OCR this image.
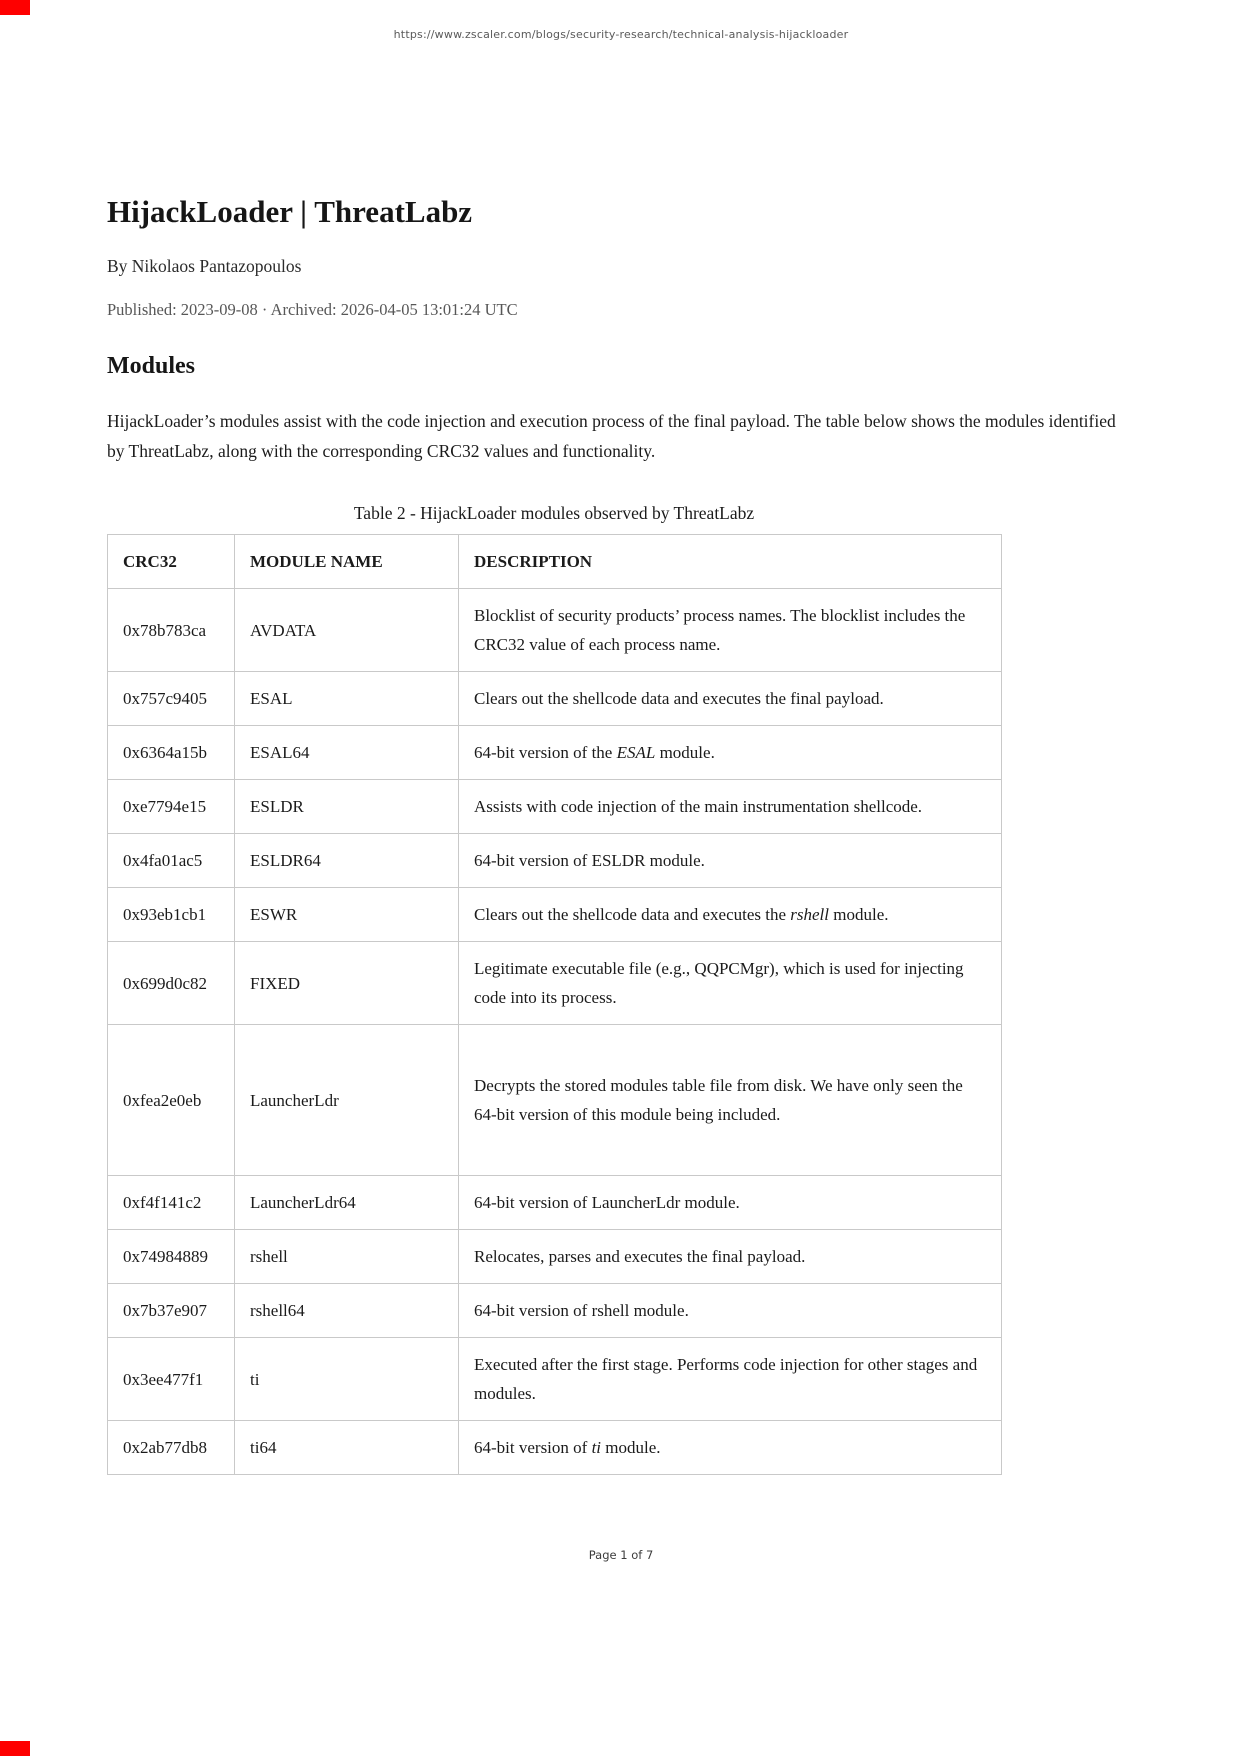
https://www.zscaler.com/blogs/security-research/technical-analysis-hijackloader
HijackLoader | ThreatLabz

By Nikolaos Pantazopoulos

Published: 2023-09-08 · Archived: 2026-04-05 13:01:24 UTC

Modules

HijackLoader’s modules assist with the code injection and execution process of the final payload. The table below shows the modules identified by ThreatLabz, along with the corresponding CRC32 values and functionality.

Table 2 - HijackLoader modules observed by ThreatLabz
CRC32	MODULE NAME	DESCRIPTION
0x78b783ca	AVDATA	Blocklist of security products’ process names. The blocklist includes the CRC32 value of each process name.
0x757c9405	ESAL	Clears out the shellcode data and executes the final payload.
0x6364a15b	ESAL64	64-bit version of the ESAL module.
0xe7794e15	ESLDR	Assists with code injection of the main instrumentation shellcode.
0x4fa01ac5	ESLDR64	64-bit version of ESLDR module.
0x93eb1cb1	ESWR	Clears out the shellcode data and executes the rshell module.
0x699d0c82	FIXED	Legitimate executable file (e.g., QQPCMgr), which is used for injecting code into its process.
0xfea2e0eb	LauncherLdr	Decrypts the stored modules table file from disk. We have only seen the 64-bit version of this module being included.
0xf4f141c2	LauncherLdr64	64-bit version of LauncherLdr module.
0x74984889	rshell	Relocates, parses and executes the final payload.
0x7b37e907	rshell64	64-bit version of rshell module.
0x3ee477f1	ti	Executed after the first stage. Performs code injection for other stages and modules.
0x2ab77db8	ti64	64-bit version of ti module.
Page 1 of 7
